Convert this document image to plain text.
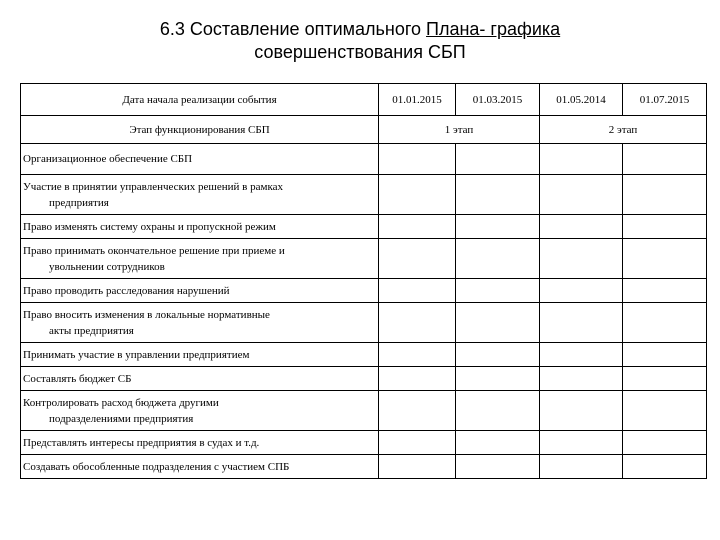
6.3 Составление оптимального Плана- графика
совершенствования СБП
Дата начала реализации события	01.01.2015	01.03.2015	01.05.2014	01.07.2015
Этап функционирования СБП	1 этап		2 этап	
Организационное обеспечение СБП				

Участие в принятии управленческих решений в рамках
предприятия				

Право изменять систему охраны и пропускной режим				

Право принимать окончательное решение при приеме и
увольнении сотрудников				

Право проводить расследования нарушений				

Право вносить изменения в локальные нормативные
акты предприятия				

Принимать участие в управлении предприятием				

Составлять бюджет СБ				

Контролировать расход бюджета другими
подразделениями предприятия				

Представлять интересы предприятия в судах и т.д.				

Создавать обособленные подразделения с участием СПБ				
